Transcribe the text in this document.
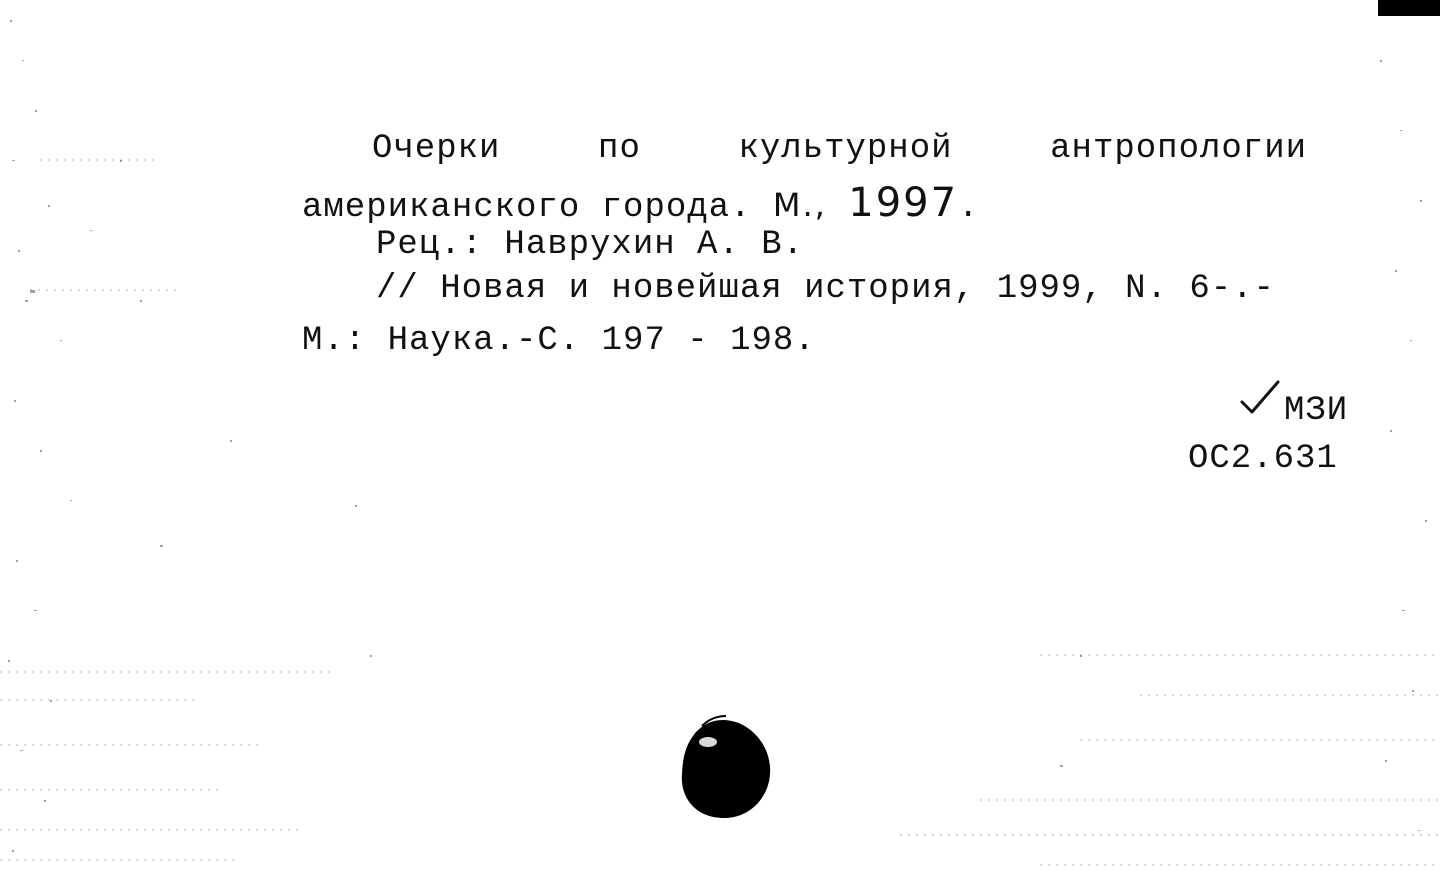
Очерки	по	культурной	антропологии
американского города. М., 1997.
Рец.: Наврухин А. В.
// Новая и новейшая история, 1999, N. 6-.-
М.: Наука.-С. 197 - 198.
МЗИ
ОС2.631
